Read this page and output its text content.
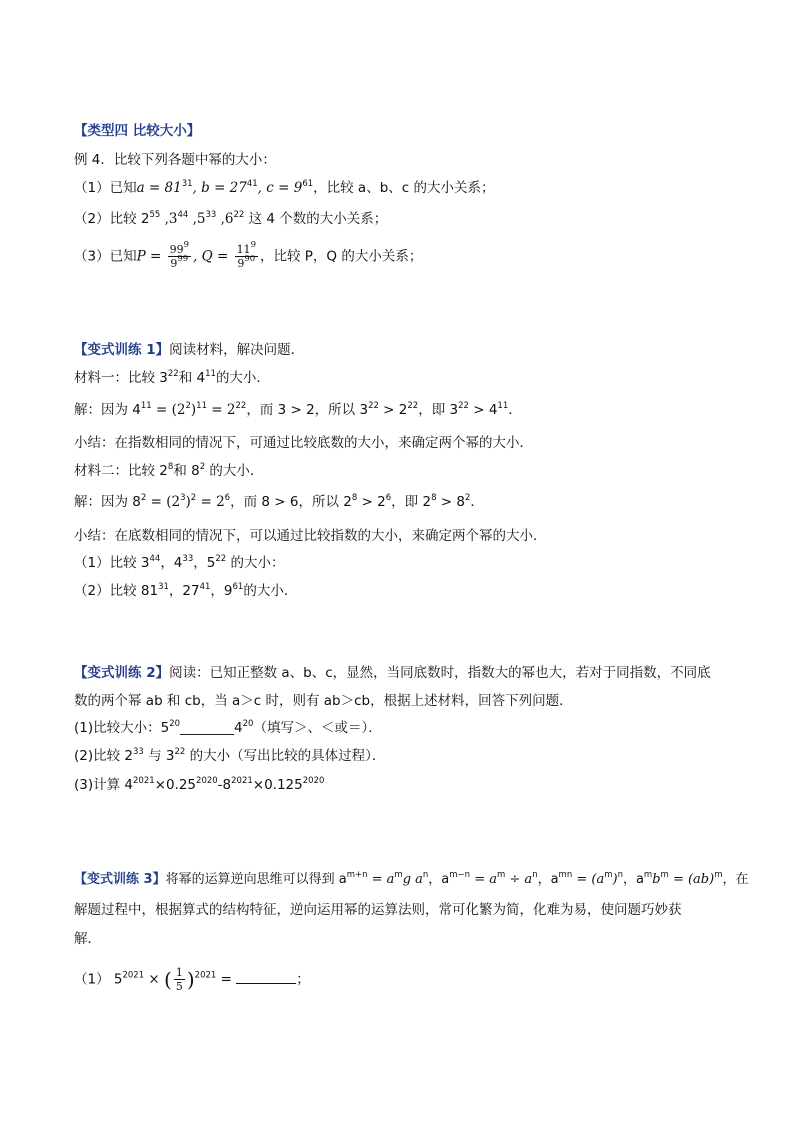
【类型四 比较大小】
例 4．比较下列各题中幂的大小：
（1）已知$a = 81^{31}$, $b = 27^{41}$, $c = 9^{61}$，比较 a、b、c 的大小关系；
（2）比较 $2^{55}$ $,3^{44}$ $,5^{33}$ $,6^{22}$ 这 4 个数的大小关系；
（3）已知$P = \frac{99^9}{9^{99}}$ , $Q = \frac{11^9}{9^{90}}$ ，比较 P，Q 的大小关系；
【变式训练 1】阅读材料，解决问题．
材料一：比较 $3^{22}$和 $4^{11}$的大小．
解：因为 $4^{11} = (2^2)^{11} = 2^{22}$，而 3 > 2，所以 $3^{22} > 2^{22}$，即 $3^{22} > 4^{11}$．
小结：在指数相同的情况下，可通过比较底数的大小，来确定两个幂的大小．
材料二：比较 $2^8$和 $8^2$ 的大小．
解：因为 $8^2 = (2^3)^2 = 2^6$，而 8 > 6，所以 $2^8 > 2^6$，即 $2^8 > 8^2$．
小结：在底数相同的情况下，可以通过比较指数的大小，来确定两个幂的大小．
（1）比较 $3^{44}$，$4^{33}$，$5^{22}$ 的大小：
（2）比较 $81^{31}$，$27^{41}$，$9^{61}$的大小．
【变式训练 2】阅读：已知正整数 a、b、c，显然，当同底数时，指数大的幂也大，若对于同指数，不同底
数的两个幂 ab 和 cb，当 a＞c 时，则有 ab＞cb，根据上述材料，回答下列问题．
(1)比较大小：$5^{20}\_\_\_\_\_\_\_\_4^{20}$（填写＞、＜或＝）．
(2)比较 $2^{33}$ 与 $3^{22}$ 的大小（写出比较的具体过程）．
(3)计算 $4^{2021}\times 0.25^{2020}-8^{2021}\times 0.125^{2020}$
【变式训练 3】将幂的运算逆向思维可以得到 $a^{m+n} = a^mg$ $a^n$，$a^{m-n} = a^m \div a^n$，$a^{mn} = (a^m)^n$，$a^mb^m = (ab)^m$，在
解题过程中，根据算式的结构特征，逆向运用幂的运算法则，常可化繁为简，化难为易，使问题巧妙获
解．
（1） $5^{2021}$ × ( $\frac{1}{5} )^{2021}$ =	；
